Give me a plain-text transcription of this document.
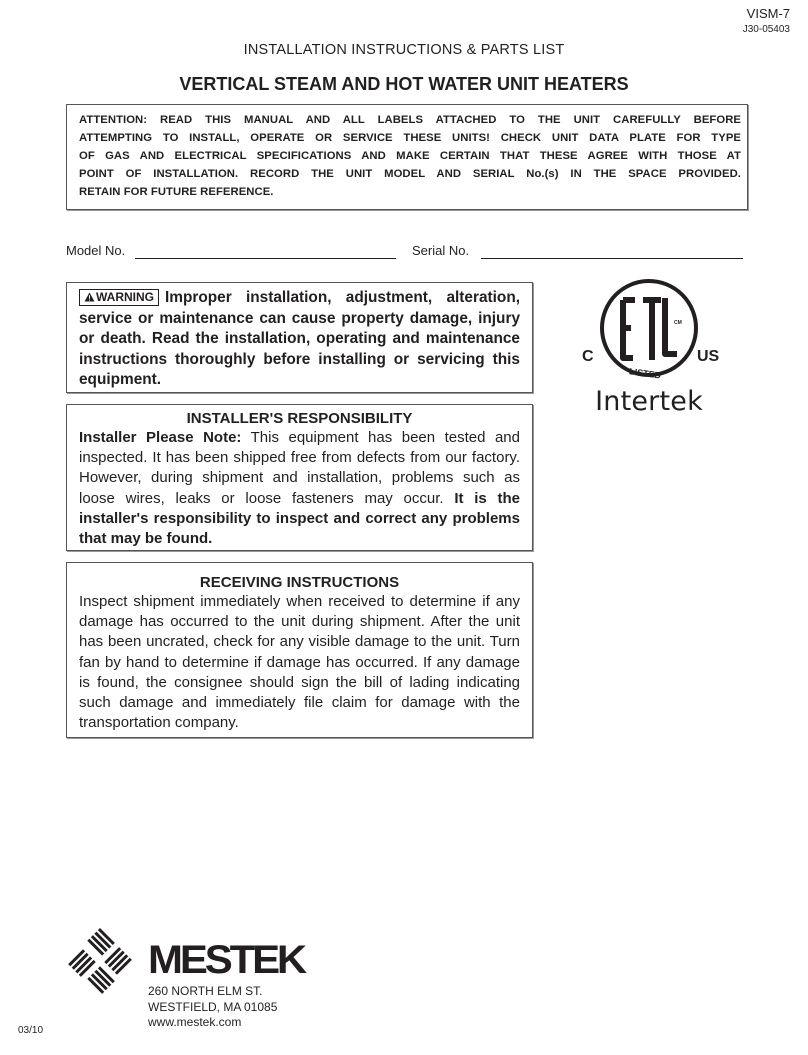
VISM-7
J30-05403
INSTALLATION INSTRUCTIONS & PARTS LIST
VERTICAL STEAM AND HOT WATER UNIT HEATERS
ATTENTION: READ THIS MANUAL AND ALL LABELS ATTACHED TO THE UNIT CAREFULLY BEFORE
ATTEMPTING TO INSTALL, OPERATE OR SERVICE THESE UNITS! CHECK UNIT DATA PLATE FOR TYPE
OF GAS AND ELECTRICAL SPECIFICATIONS AND MAKE CERTAIN THAT THESE AGREE WITH THOSE AT
POINT OF INSTALLATION. RECORD THE UNIT MODEL AND SERIAL No.(s) IN THE SPACE PROVIDED.
RETAIN FOR FUTURE REFERENCE.
Model No.	Serial No.
WARNING Improper installation, adjustment, alteration, service or maintenance can cause property damage, injury or death. Read the installation, operating and maintenance instructions thoroughly before installing or servicing this equipment.
INSTALLER'S RESPONSIBILITY
Installer Please Note: This equipment has been tested and inspected. It has been shipped free from defects from our factory. However, during shipment and installation, problems such as loose wires, leaks or loose fasteners may occur. It is the installer's responsibility to inspect and correct any problems that may be found.
RECEIVING INSTRUCTIONS
Inspect shipment immediately when received to determine if any damage has occurred to the unit during shipment. After the unit has been uncrated, check for any visible damage to the unit. Turn fan by hand to determine if damage has occurred. If any damage is found, the consignee should sign the bill of lading indicating such damage and immediately file claim for damage with the transportation company.
CM
C	US
LISTED
Intertek
MESTEK
260 NORTH ELM ST.
WESTFIELD, MA 01085
www.mestek.com
03/10
